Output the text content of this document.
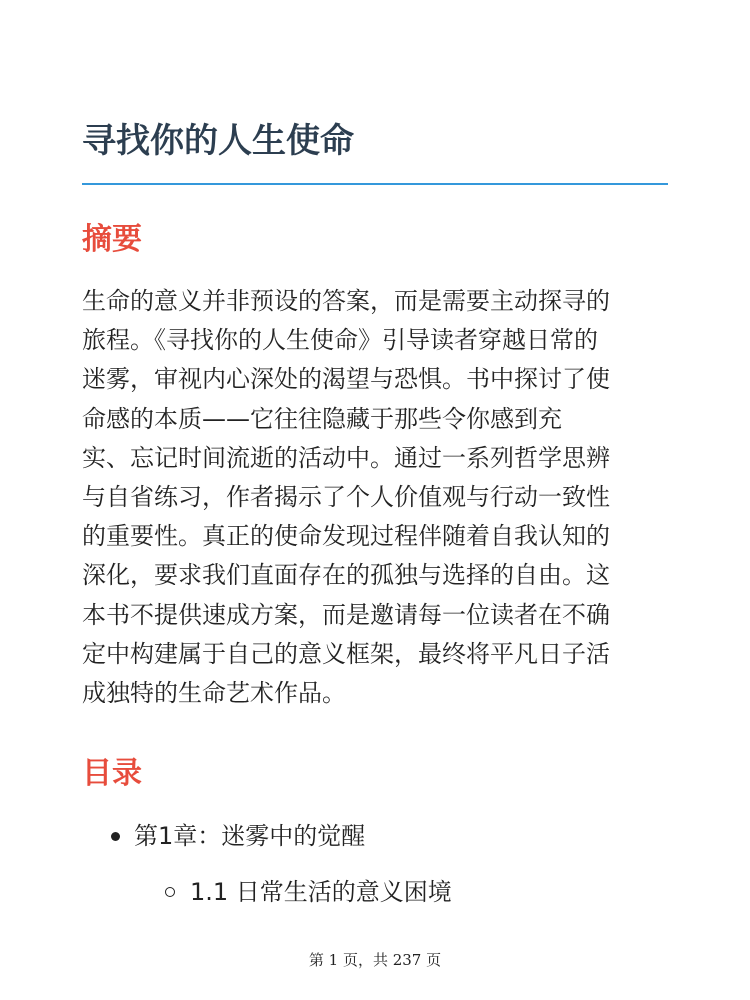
寻找你的人生使命
摘要

生命的意义并非预设的答案，而是需要主动探寻的
旅程。《寻找你的人生使命》引导读者穿越日常的
迷雾，审视内心深处的渴望与恐惧。书中探讨了使
命感的本质——它往往隐藏于那些令你感到充
实、忘记时间流逝的活动中。通过一系列哲学思辨
与自省练习，作者揭示了个人价值观与行动一致性
的重要性。真正的使命发现过程伴随着自我认知的
深化，要求我们直面存在的孤独与选择的自由。这
本书不提供速成方案，而是邀请每一位读者在不确
定中构建属于自己的意义框架，最终将平凡日子活
成独特的生命艺术作品。

目录
第1章：迷雾中的觉醒
1.1 日常生活的意义困境
第 1 页，共 237 页
